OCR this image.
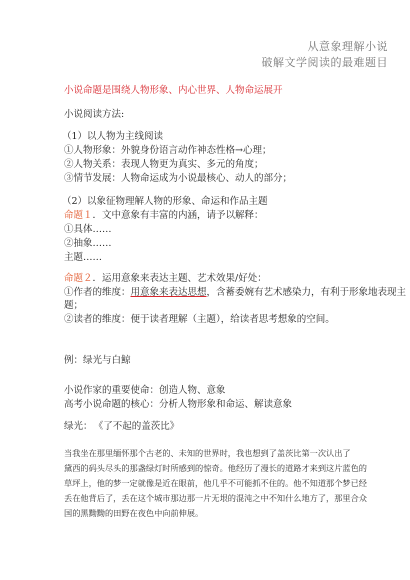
从意象理解小说
破解文学阅读的最难题目
小说命题是围绕人物形象、内心世界、人物命运展开
小说阅读方法:
（1）以人物为主线阅读
①人物形象：外貌身份语言动作神态性格→心理；
②人物关系：表现人物更为真实、多元的角度；
③情节发展：人物命运成为小说最核心、动人的部分；
（2）以象征物理解人物的形象、命运和作品主题
命题１．文中意象有丰富的内涵，请予以解释：
①具体……
②抽象……
主题……
命题２．运用意象来表达主题、艺术效果/好处：
①作者的维度：用意象来表达思想，含蓄委婉有艺术感染力，有利于形象地表现主
题；
②读者的维度：便于读者理解（主题），给读者思考想象的空间。
例：绿光与白鲸
小说作家的重要使命：创造人物、意象
高考小说命题的核心：分析人物形象和命运、解读意象
绿光： 《了不起的盖茨比》
当我坐在那里缅怀那个古老的、未知的世界时，我也想到了盖茨比第一次认出了
黛西的码头尽头的那盏绿灯时所感到的惊奇。他经历了漫长的道路才来到这片蓝色的
草坪上，他的梦一定就像是近在眼前，他几乎不可能抓不住的。他不知道那个梦已经
丢在他背后了，丢在这个城市那边那一片无垠的混沌之中不知什么地方了，那里合众
国的黑黝黝的田野在夜色中向前伸展。
